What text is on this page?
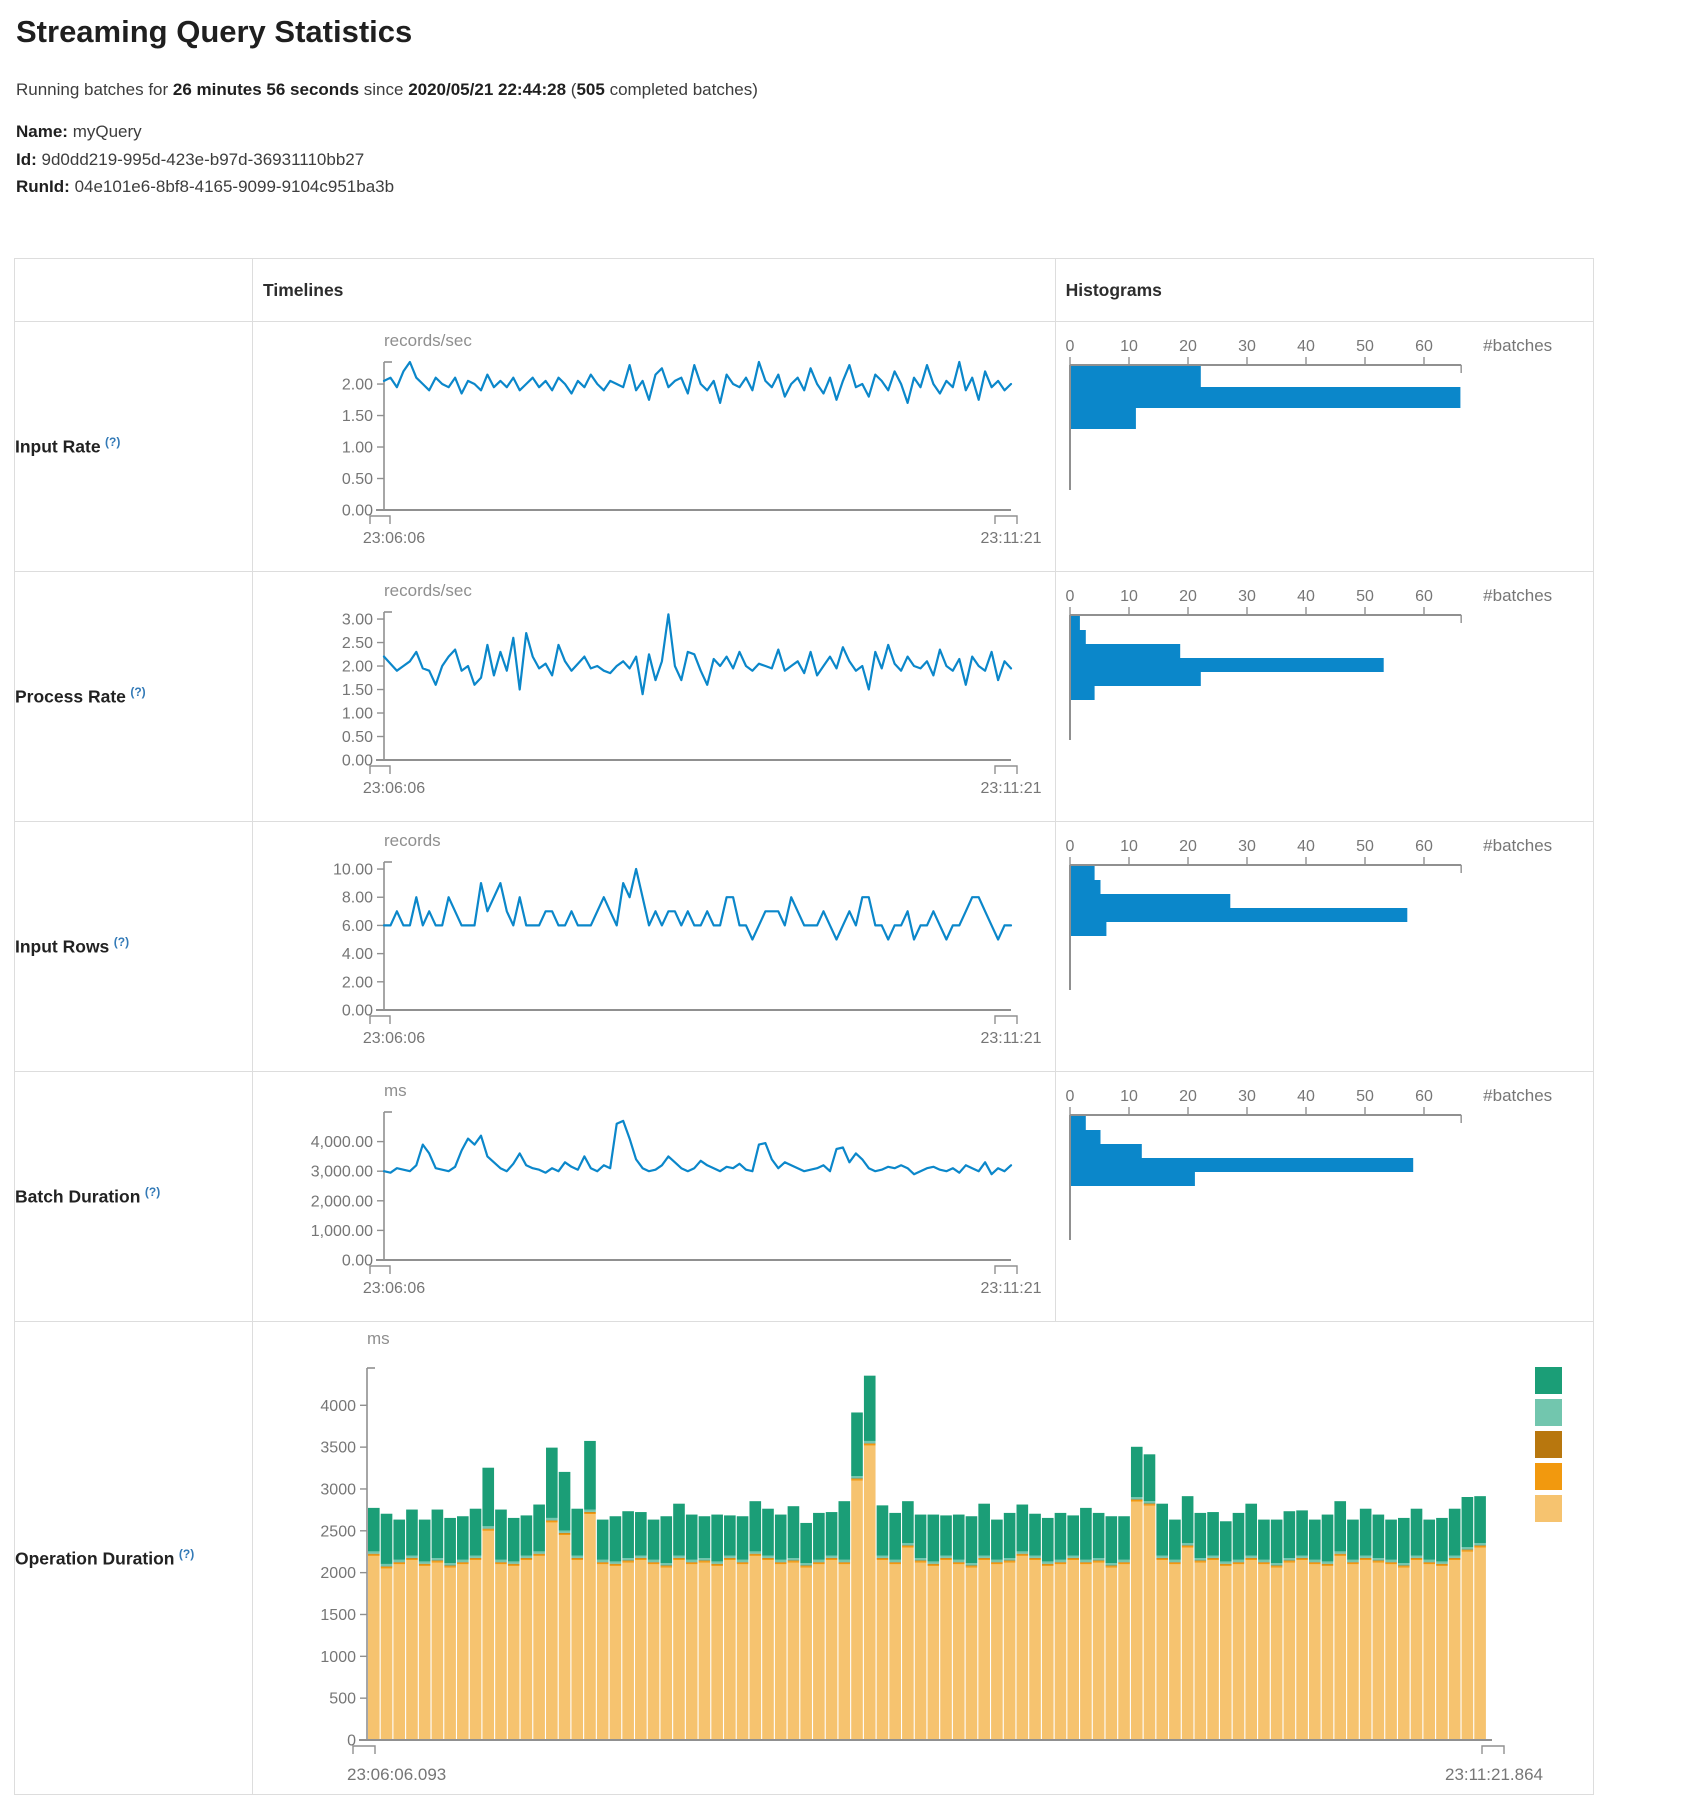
Streaming Query Statistics

Running batches for 26 minutes 56 seconds since 2020/05/21 22:44:28 (505 completed batches)

Name: myQuery
Id: 9d0dd219-995d-423e-b97d-36931110bb27
RunId: 04e101e6-8bf8-4165-9099-9104c951ba3b
	Timelines	Histograms
Input Rate (?)	
records/sec
2.00
1.50
1.00
0.50
0.00
23:06:06	23:11:21

0	10	20	30	40	50	60	#batches

Process Rate (?)	
records/sec
3.00
2.50
2.00
1.50
1.00
0.50
0.00
23:06:06	23:11:21

0	10	20	30	40	50	60	#batches

Input Rows (?)	
records
10.00
8.00
6.00
4.00
2.00
0.00
23:06:06	23:11:21

0	10	20	30	40	50	60	#batches

Batch Duration (?)	
ms
4,000.00
3,000.00
2,000.00
1,000.00
0.00
23:06:06	23:11:21

0	10	20	30	40	50	60	#batches

Operation Duration (?)	
ms
4000
3500
3000
2500
2000
1500
1000
500
0
23:06:06.093	23:11:21.864
